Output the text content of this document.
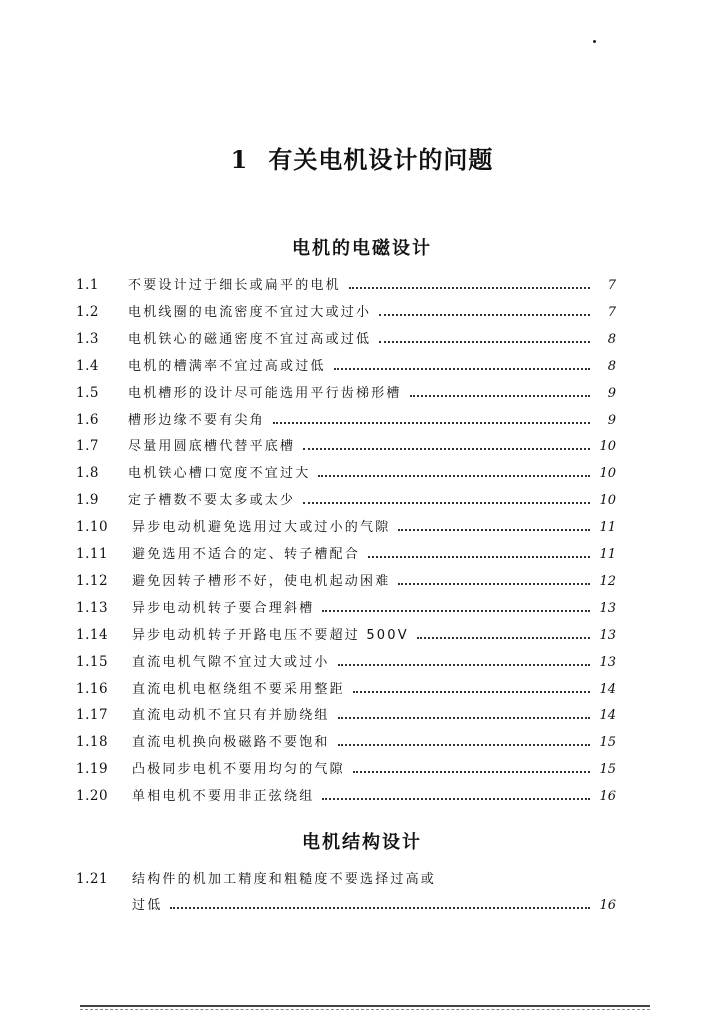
1 有关电机设计的问题
电机的电磁设计
1.1	不要设计过于细长或扁平的电机	7
1.2	电机线圈的电流密度不宜过大或过小	7
1.3	电机铁心的磁通密度不宜过高或过低	8
1.4	电机的槽满率不宜过高或过低	8
1.5	电机槽形的设计尽可能选用平行齿梯形槽	9
1.6	槽形边缘不要有尖角	9
1.7	尽量用圆底槽代替平底槽	10
1.8	电机铁心槽口宽度不宜过大	10
1.9	定子槽数不要太多或太少	10
1.10	异步电动机避免选用过大或过小的气隙	11
1.11	避免选用不适合的定、转子槽配合	11
1.12	避免因转子槽形不好，使电机起动困难	12
1.13	异步电动机转子要合理斜槽	13
1.14	异步电动机转子开路电压不要超过 500V	13
1.15	直流电机气隙不宜过大或过小	13
1.16	直流电机电枢绕组不要采用整距	14
1.17	直流电动机不宜只有并励绕组	14
1.18	直流电机换向极磁路不要饱和	15
1.19	凸极同步电机不要用均匀的气隙	15
1.20	单相电机不要用非正弦绕组	16
电机结构设计
1.21	结构件的机加工精度和粗糙度不要选择过高或
过低	16
